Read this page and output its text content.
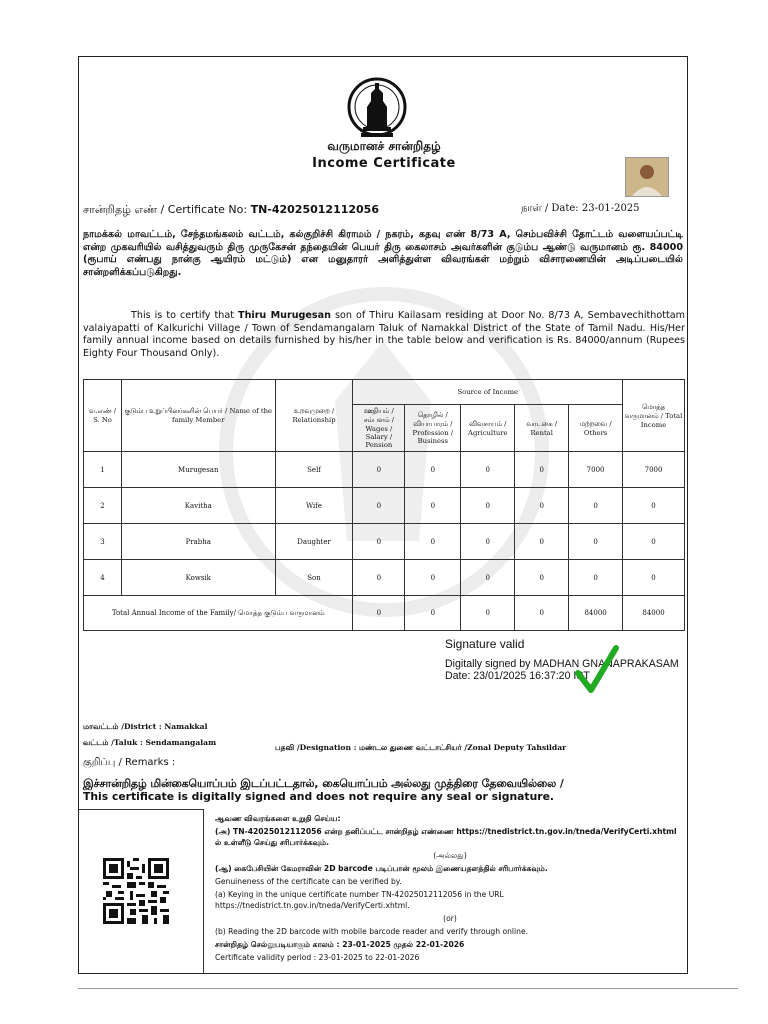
வருமானச் சான்றிதழ்
Income Certificate
சான்றிதழ் எண் / Certificate No: TN-42025012112056	நாள் / Date: 23-01-2025
நாமக்கல் மாவட்டம், சேந்தமங்கலம் வட்டம், கல்குறிச்சி கிராமம் / நகரம், கதவு எண் 8/73 A, செம்பவிச்சி தோட்டம் வளையப்பட்டி என்ற முகவரியில் வசித்துவரும் திரு முருகேசன் தந்தையின் பெயர் திரு கைலாசம் அவர்களின் குடும்ப ஆண்டு வருமானம் ரூ. 84000 (ரூபாய் எண்பது நான்கு ஆயிரம் மட்டும்) என மனுதாரர் அளித்துள்ள விவரங்கள் மற்றும் விசாரணையின் அடிப்படையில் சான்றளிக்கப்படுகிறது.
This is to certify that Thiru Murugesan son of Thiru Kailasam residing at Door No. 8/73 A, Sembavechithottam valaiyapatti of Kalkurichi Village / Town of Sendamangalam Taluk of Namakkal District of the State of Tamil Nadu. His/Her family annual income based on details furnished by his/her in the table below and verification is Rs. 84000/annum (Rupees Eighty Four Thousand Only).
வ.எண் / S. No	குடும்ப உறுப்பினர்களின் பெயர் / Name of the family Member	உறவுமுறை / Relationship	Source of Income					மொத்த வருமானம் / Total Income
			ஊதியம் / சம்பளம் / Wages / Salary / Pension	தொழில் / வியாபாரம் / Profession / Business	விவசாயம் / Agriculture	வாடகை / Rental	மற்றவை / Others	
1	Murugesan	Self	0	0	0	0	7000	7000
2	Kavitha	Wife	0	0	0	0	0	0
3	Prabha	Daughter	0	0	0	0	0	0
4	Kowsik	Son	0	0	0	0	0	0
Total Annual Income of the Family/ மொத்த குடும்ப வருமானம்			0	0	0	0	84000	84000
Signature valid
Digitally signed by MADHAN GNANAPRAKASAM
Date: 23/01/2025 16:37:20 IST
மாவட்டம் /District : Namakkal
வட்டம் /Taluk : Sendamangalam
பதவி /Designation : மண்டல துணை வட்டாட்சியர் /Zonal Deputy Tahsildar
குறிப்பு / Remarks :
இச்சான்றிதழ் மின்கையொப்பம் இடப்பட்டதால், கையொப்பம் அல்லது முத்திரை தேவையில்லை /
This certificate is digitally signed and does not require any seal or signature.
ஆவண விவரங்களை உறுதி செய்ய:
(அ) TN-42025012112056 என்ற தனிப்பட்ட சான்றிதழ் எண்ணை https://tnedistrict.tn.gov.in/tneda/VerifyCerti.xhtml ல் உள்ளீடு செய்து சரிபார்க்கவும்.
(அல்லது)
(ஆ) கைபேசியின் கேமராவின் 2D barcode படிப்பான் மூலம் இணையதளத்தில் சரிபார்க்கவும்.
Genuineness of the certificate can be verified by.
(a) Keying in the unique certificate number TN-42025012112056 in the URL https://tnedistrict.tn.gov.in/tneda/VerifyCerti.xhtml.
(or)
(b) Reading the 2D barcode with mobile barcode reader and verify through online.
சான்றிதழ் செல்லுபடியாகும் காலம் : 23-01-2025 முதல் 22-01-2026
Certificate validity period : 23-01-2025 to 22-01-2026
